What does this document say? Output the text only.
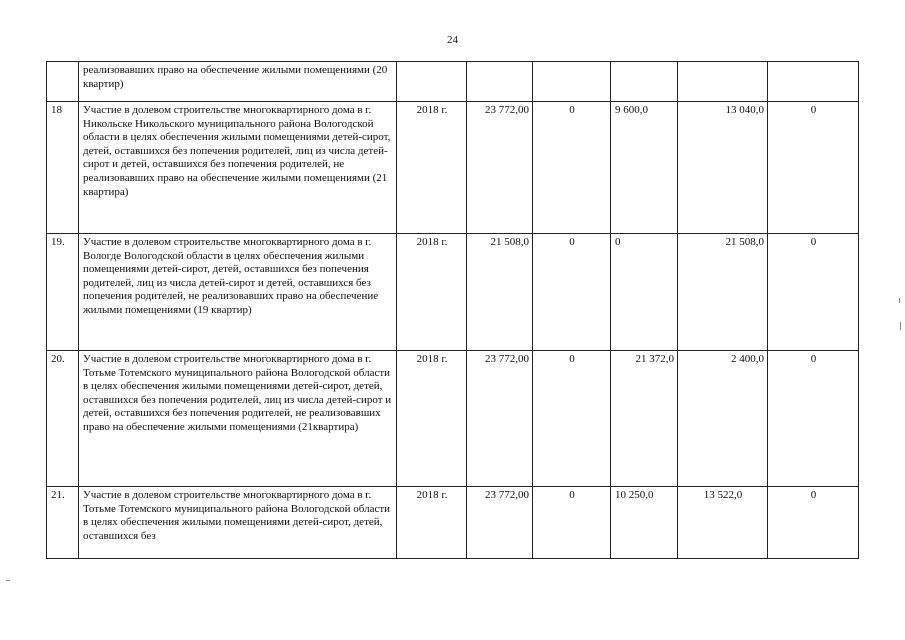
24
	реализовавших право на обеспечение жилыми помещениями (20 квартир)						
18	Участие в долевом строительстве многоквартирного дома в г. Никольске Никольского муниципального района Вологодской области в целях обеспечения жилыми помещениями детей-сирот, детей, оставшихся без попечения родителей, лиц из числа детей-сирот и детей, оставшихся без попечения родителей, не реализовавших право на обеспечение жилыми помещениями (21 квартира)	2018 г.	23 772,00	0	9 600,0	13 040,0	0
19.	Участие в долевом строительстве многоквартирного дома в г. Вологде Вологодской области в целях обеспечения жилыми помещениями детей-сирот, детей, оставшихся без попечения родителей, лиц из числа детей-сирот и детей, оставшихся без попечения родителей, не реализовавших право на обеспечение жилыми помещениями (19 квартир)	2018 г.	21 508,0	0	0	21 508,0	0
20.	Участие в долевом строительстве многоквартирного дома в г. Тотьме Тотемского муниципального района Вологодской области в целях обеспечения жилыми помещениями детей-сирот, детей, оставшихся без попечения родителей, лиц из числа детей-сирот и детей, оставшихся без попечения родителей, не реализовавших право на обеспечение жилыми помещениями (21квартира)	2018 г.	23 772,00	0	21 372,0	2 400,0	0
21.	Участие в долевом строительстве многоквартирного дома в г. Тотьме Тотемского муниципального района Вологодской области в целях обеспечения жилыми помещениями детей-сирот, детей, оставшихся без	2018 г.	23 772,00	0	10 250,0	13 522,0	0
